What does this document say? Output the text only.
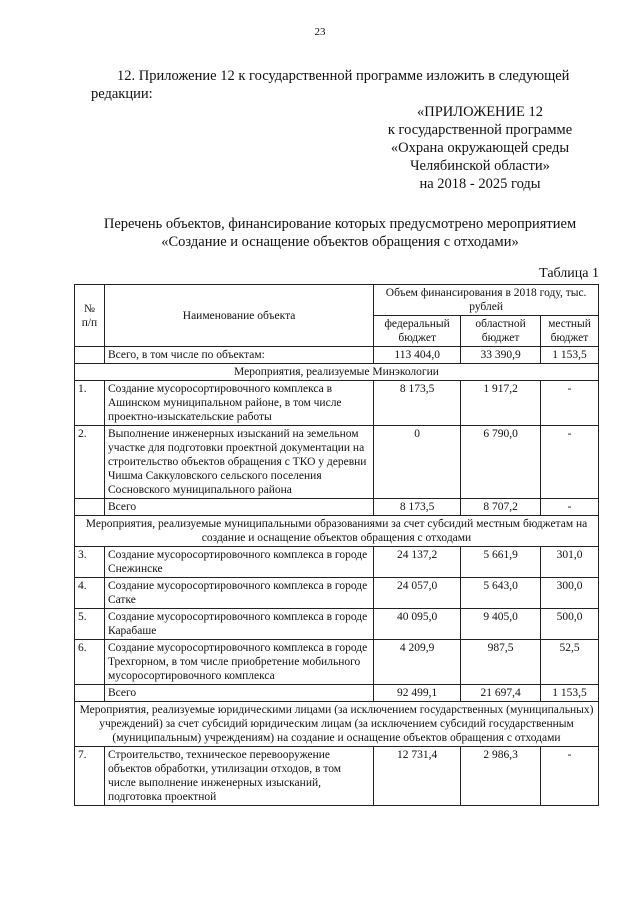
23
12. Приложение 12 к государственной программе изложить в следующей
редакции:
«ПРИЛОЖЕНИЕ 12
к государственной программе
«Охрана окружающей среды
Челябинской области»
на 2018 - 2025 годы
Перечень объектов, финансирование которых предусмотрено мероприятием
«Создание и оснащение объектов обращения с отходами»
Таблица 1
№ п/п	Наименование объекта	Объем финансирования в 2018 году, тыс. рублей		
		федеральный бюджет	областной бюджет	местный бюджет
	Всего, в том числе по объектам:	113 404,0	33 390,9	1 153,5
Мероприятия, реализуемые Минэкологии				
1.	Создание мусоросортировочного комплекса в Ашинском муниципальном районе, в том числе проектно-изыскательские работы	8 173,5	1 917,2	-
2.	Выполнение инженерных изысканий на земельном участке для подготовки проектной документации на строительство объектов обращения с ТКО у деревни Чишма Саккуловского сельского поселения Сосновского муниципального района	0	6 790,0	-
	Всего	8 173,5	8 707,2	-
Мероприятия, реализуемые муниципальными образованиями за счет субсидий местным бюджетам на создание и оснащение объектов обращения с отходами				
3.	Создание мусоросортировочного комплекса в городе Снежинске	24 137,2	5 661,9	301,0
4.	Создание мусоросортировочного комплекса в городе Сатке	24 057,0	5 643,0	300,0
5.	Создание мусоросортировочного комплекса в городе Карабаше	40 095,0	9 405,0	500,0
6.	Создание мусоросортировочного комплекса в городе Трехгорном, в том числе приобретение мобильного мусоросортировочного комплекса	4 209,9	987,5	52,5
	Всего	92 499,1	21 697,4	1 153,5
Мероприятия, реализуемые юридическими лицами (за исключением государственных (муниципальных) учреждений) за счет субсидий юридическим лицам (за исключением субсидий государственным (муниципальным) учреждениям) на создание и оснащение объектов обращения с отходами				
7.	Строительство, техническое перевооружение объектов обработки, утилизации отходов, в том числе выполнение инженерных изысканий, подготовка проектной	12 731,4	2 986,3	-
